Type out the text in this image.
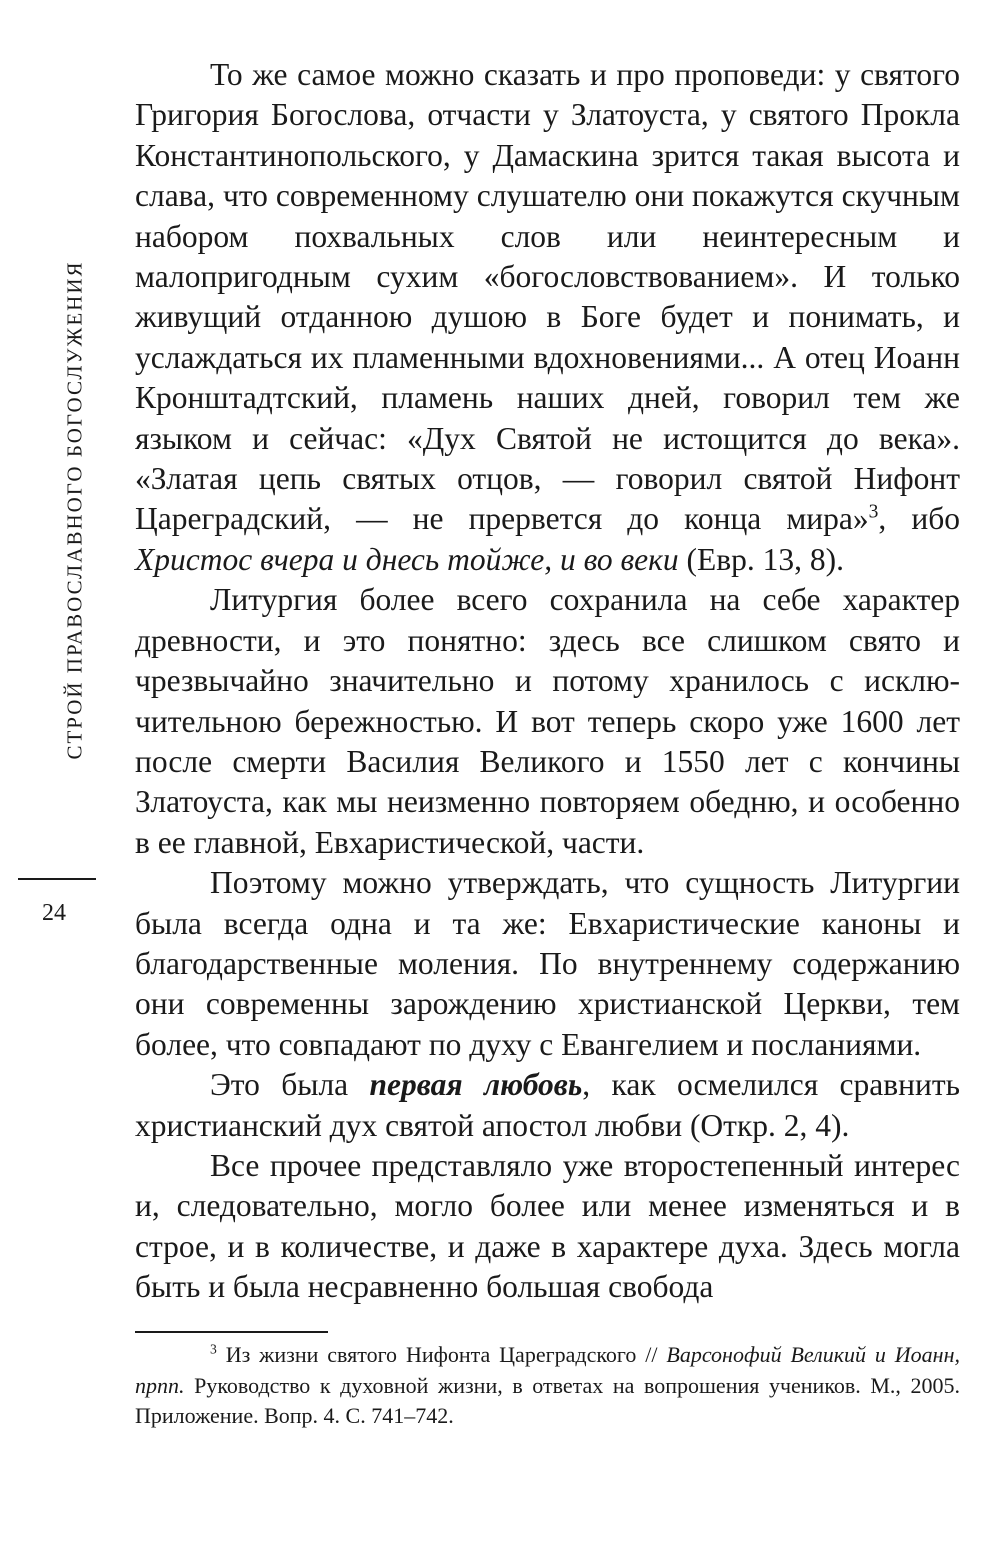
СТРОЙ ПРАВОСЛАВНОГО БОГОСЛУЖЕНИЯ
24

То же самое можно сказать и про проповеди: у святого Григория Богослова, отчасти у Златоуста, у святого Прокла Константинопольского, у Дамаскина зрится такая высота и слава, что современному слушателю они покажутся скучным набором похвальных слов или неинтересным и малопригодным сухим «богословствованием». И только живущий отданною душою в Боге будет и понимать, и услаждаться их пламенными вдохновениями... А отец Иоанн Кронштадтский, пламень наших дней, говорил тем же языком и сейчас: «Дух Святой не истощится до века». «Златая цепь святых отцов, — говорил святой Нифонт Цареградский, — не прервется до конца мира»$^3$, ибо Христос вчера и днесь тойже, и во веки (Евр. 13, 8).

Литургия более всего сохранила на себе характер древности, и это понятно: здесь все слишком свято и чрезвычайно значительно и потому хранилось с исключительною бережностью. И вот теперь скоро уже 1600 лет после смерти Василия Великого и 1550 лет с кончины Златоуста, как мы неизменно повторяем обедню, и особенно в ее главной, Евхаристической, части.

Поэтому можно утверждать, что сущность Литургии была всегда одна и та же: Евхаристические каноны и благодарственные моления. По внутреннему содержанию они современны зарождению христианской Церкви, тем более, что совпадают по духу с Евангелием и посланиями.

Это была первая любовь, как осмелился сравнить христианский дух святой апостол любви (Откр. 2, 4).

Все прочее представляло уже второстепенный интерес и, следовательно, могло более или менее изменяться и в строе, и в количестве, и даже в характере духа. Здесь могла быть и была несравненно большая свобода

$^3$ Из жизни святого Нифонта Цареградского // Варсонофий Великий и Иоанн, прпп. Руководство к духовной жизни, в ответах на вопрошения учеников. М., 2005. Приложение. Вопр. 4. С. 741–742.
